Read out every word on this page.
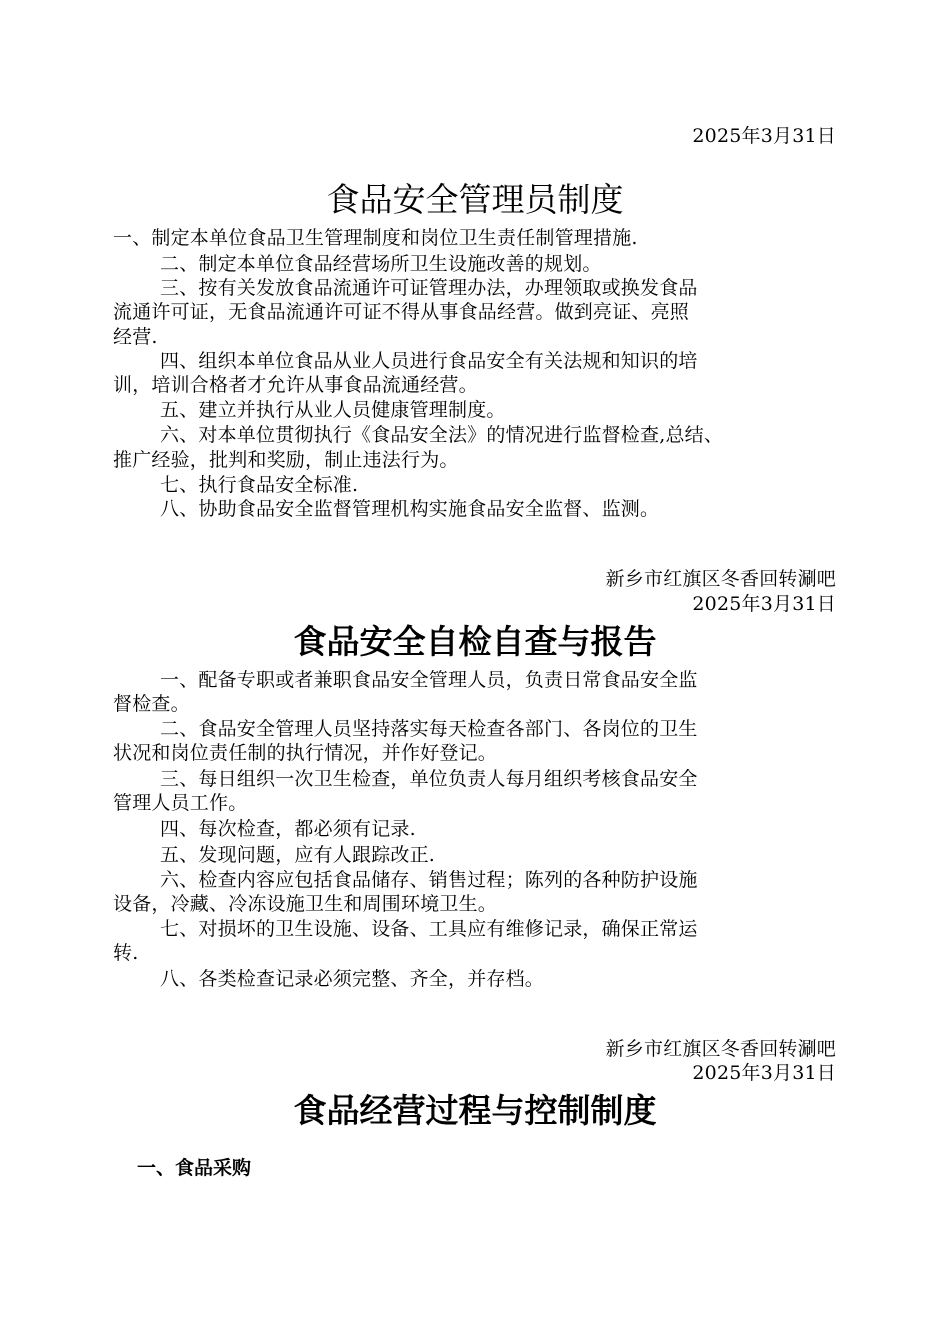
2025年3月31日

食品安全管理员制度

一、制定本单位食品卫生管理制度和岗位卫生责任制管理措施.

二、制定本单位食品经营场所卫生设施改善的规划。

三、按有关发放食品流通许可证管理办法，办理领取或换发食品

流通许可证，无食品流通许可证不得从事食品经营。做到亮证、亮照

经营.

四、组织本单位食品从业人员进行食品安全有关法规和知识的培

训，培训合格者才允许从事食品流通经营。

五、建立并执行从业人员健康管理制度。

六、对本单位贯彻执行《食品安全法》的情况进行监督检查,总结、

推广经验，批判和奖励，制止违法行为。

七、执行食品安全标准.

八、协助食品安全监督管理机构实施食品安全监督、监测。

新乡市红旗区冬香回转涮吧

2025年3月31日

食品安全自检自查与报告

一、配备专职或者兼职食品安全管理人员，负责日常食品安全监

督检查。

二、食品安全管理人员坚持落实每天检查各部门、各岗位的卫生

状况和岗位责任制的执行情况，并作好登记。

三、每日组织一次卫生检查，单位负责人每月组织考核食品安全

管理人员工作。

四、每次检查，都必须有记录.

五、发现问题，应有人跟踪改正.

六、检查内容应包括食品储存、销售过程；陈列的各种防护设施

设备，冷藏、冷冻设施卫生和周围环境卫生。

七、对损坏的卫生设施、设备、工具应有维修记录，确保正常运

转.

八、各类检查记录必须完整、齐全，并存档。

新乡市红旗区冬香回转涮吧

2025年3月31日

食品经营过程与控制制度
一、食品采购
